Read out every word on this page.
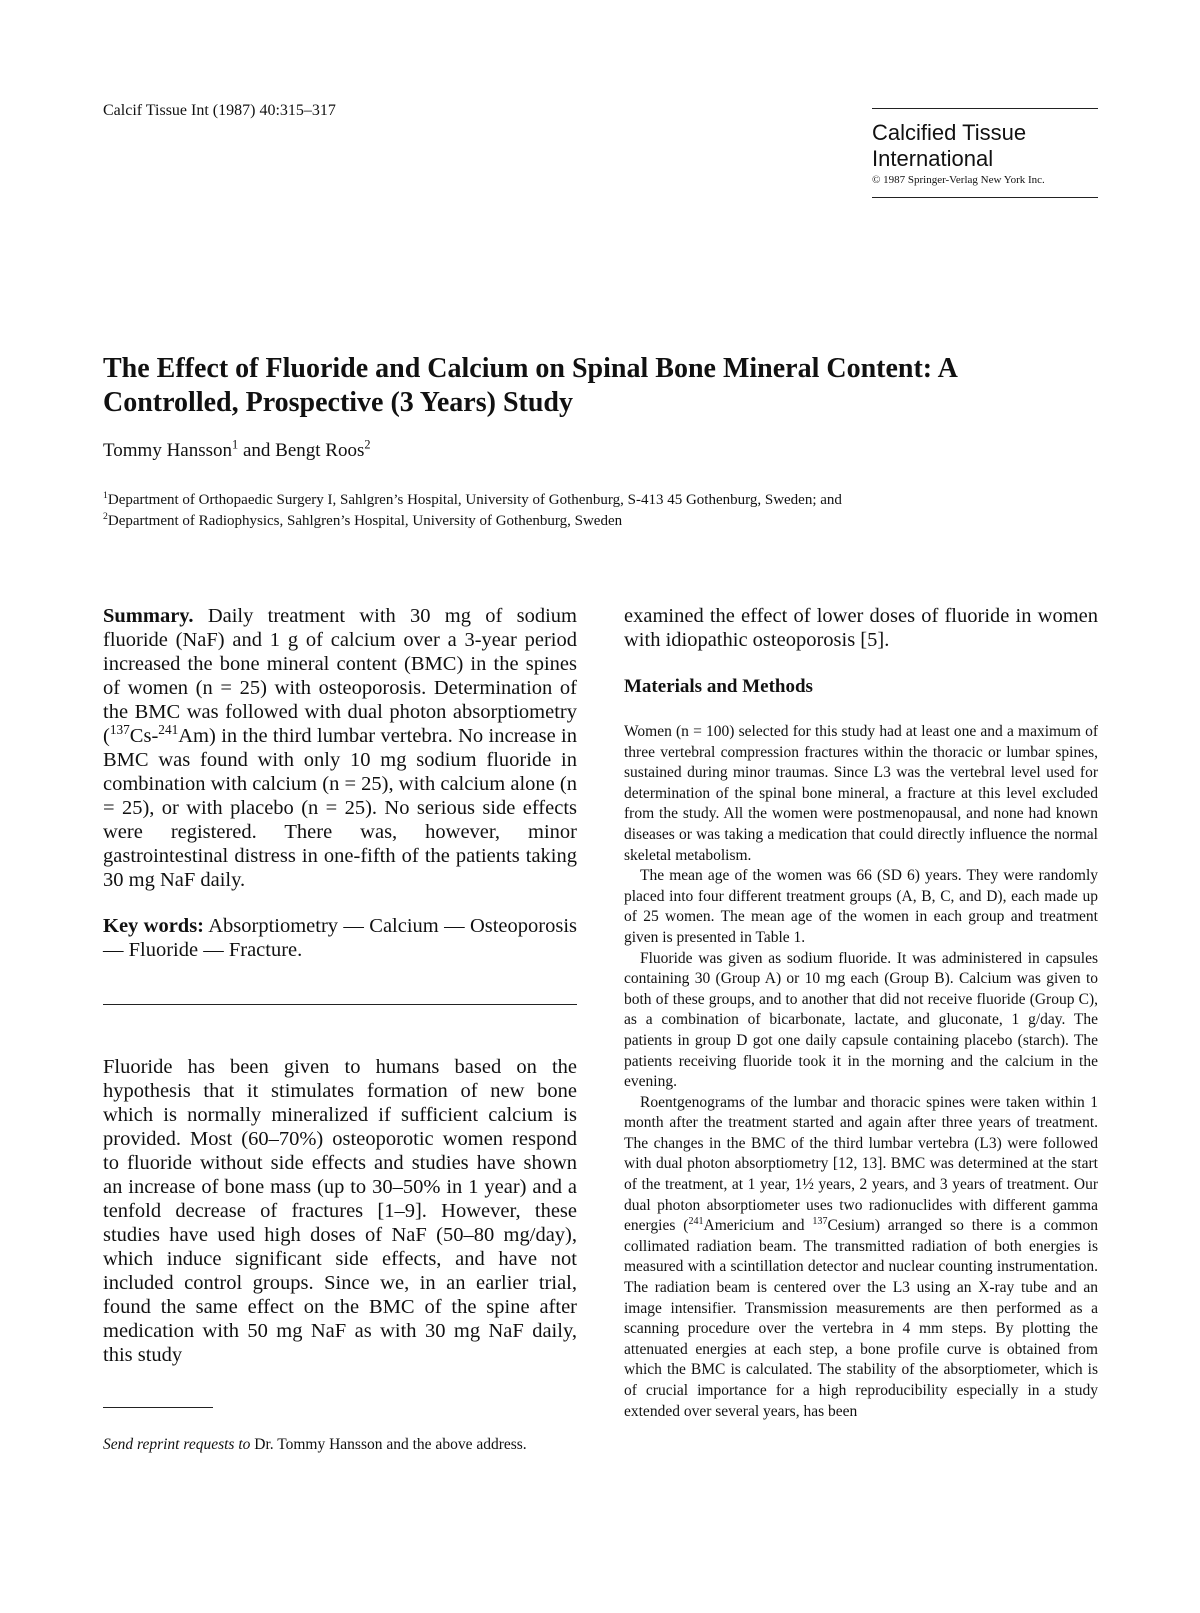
Calcif Tissue Int (1987) 40:315–317
Calcified Tissue
International
© 1987 Springer-Verlag New York Inc.
The Effect of Fluoride and Calcium on Spinal Bone Mineral Content: A Controlled, Prospective (3 Years) Study
Tommy Hansson$^1$ and Bengt Roos$^2$
$^1$Department of Orthopaedic Surgery I, Sahlgren’s Hospital, University of Gothenburg, S-413 45 Gothenburg, Sweden; and
$^2$Department of Radiophysics, Sahlgren’s Hospital, University of Gothenburg, Sweden

Summary. Daily treatment with 30 mg of sodium fluoride (NaF) and 1 g of calcium over a 3-year period increased the bone mineral content (BMC) in the spines of women (n = 25) with osteoporosis. Determination of the BMC was followed with dual photon absorptiometry ($^{137}$Cs-$^{241}$Am) in the third lumbar vertebra. No increase in BMC was found with only 10 mg sodium fluoride in combination with calcium (n = 25), with calcium alone (n = 25), or with placebo (n = 25). No serious side effects were registered. There was, however, minor gastrointestinal distress in one-fifth of the patients taking 30 mg NaF daily.

Key words: Absorptiometry — Calcium — Osteoporosis — Fluoride — Fracture.

Fluoride has been given to humans based on the hypothesis that it stimulates formation of new bone which is normally mineralized if sufficient calcium is provided. Most (60–70%) osteoporotic women respond to fluoride without side effects and studies have shown an increase of bone mass (up to 30–50% in 1 year) and a tenfold decrease of fractures [1–9]. However, these studies have used high doses of NaF (50–80 mg/day), which induce significant side effects, and have not included control groups. Since we, in an earlier trial, found the same effect on the BMC of the spine after medication with 50 mg NaF as with 30 mg NaF daily, this study

Send reprint requests to Dr. Tommy Hansson and the above address.

examined the effect of lower doses of fluoride in women with idiopathic osteoporosis [5].

Materials and Methods

Women (n = 100) selected for this study had at least one and a maximum of three vertebral compression fractures within the thoracic or lumbar spines, sustained during minor traumas. Since L3 was the vertebral level used for determination of the spinal bone mineral, a fracture at this level excluded from the study. All the women were postmenopausal, and none had known diseases or was taking a medication that could directly influence the normal skeletal metabolism.

The mean age of the women was 66 (SD 6) years. They were randomly placed into four different treatment groups (A, B, C, and D), each made up of 25 women. The mean age of the women in each group and treatment given is presented in Table 1.

Fluoride was given as sodium fluoride. It was administered in capsules containing 30 (Group A) or 10 mg each (Group B). Calcium was given to both of these groups, and to another that did not receive fluoride (Group C), as a combination of bicarbonate, lactate, and gluconate, 1 g/day. The patients in group D got one daily capsule containing placebo (starch). The patients receiving fluoride took it in the morning and the calcium in the evening.

Roentgenograms of the lumbar and thoracic spines were taken within 1 month after the treatment started and again after three years of treatment. The changes in the BMC of the third lumbar vertebra (L3) were followed with dual photon absorptiometry [12, 13]. BMC was determined at the start of the treatment, at 1 year, 1½ years, 2 years, and 3 years of treatment. Our dual photon absorptiometer uses two radionuclides with different gamma energies ($^{241}$Americium and $^{137}$Cesium) arranged so there is a common collimated radiation beam. The transmitted radiation of both energies is measured with a scintillation detector and nuclear counting instrumentation. The radiation beam is centered over the L3 using an X-ray tube and an image intensifier. Transmission measurements are then performed as a scanning procedure over the vertebra in 4 mm steps. By plotting the attenuated energies at each step, a bone profile curve is obtained from which the BMC is calculated. The stability of the absorptiometer, which is of crucial importance for a high reproducibility especially in a study extended over several years, has been
